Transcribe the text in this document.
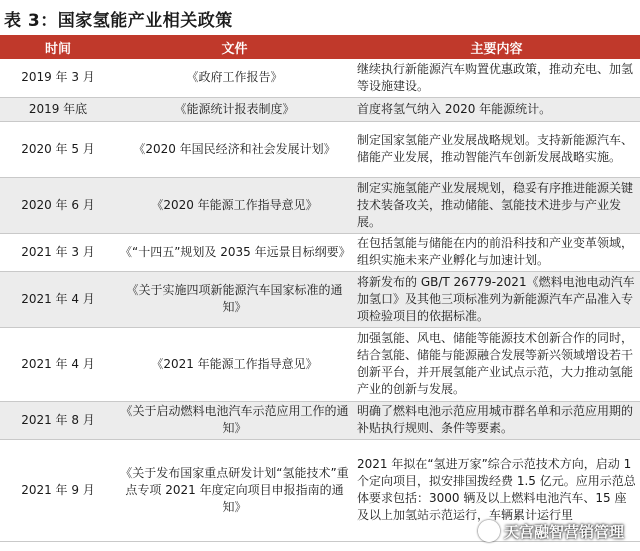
表 3：国家氢能产业相关政策
时间	文件	主要内容
2019 年 3 月	《政府工作报告》	继续执行新能源汽车购置优惠政策，推动充电、加氢等设施建设。
2019 年底	《能源统计报表制度》	首度将氢气纳入 2020 年能源统计。
2020 年 5 月	《2020 年国民经济和社会发展计划》	制定国家氢能产业发展战略规划。支持新能源汽车、储能产业发展，推动智能汽车创新发展战略实施。
2020 年 6 月	《2020 年能源工作指导意见》	制定实施氢能产业发展规划，稳妥有序推进能源关键技术装备攻关，推动储能、氢能技术进步与产业发展。
2021 年 3 月	《“十四五”规划及 2035 年远景目标纲要》	在包括氢能与储能在内的前沿科技和产业变革领域，组织实施未来产业孵化与加速计划。
2021 年 4 月	《关于实施四项新能源汽车国家标准的通知》	将新发布的 GB/T 26779-2021《燃料电池电动汽车加氢口》及其他三项标准列为新能源汽车产品准入专项检验项目的依据标准。
2021 年 4 月	《2021 年能源工作指导意见》	加强氢能、风电、储能等能源技术创新合作的同时，结合氢能、储能与能源融合发展等新兴领域增设若干创新平台，并开展氢能产业试点示范，大力推动氢能产业的创新与发展。
2021 年 8 月	《关于启动燃料电池汽车示范应用工作的通知》	明确了燃料电池示范应用城市群名单和示范应用期的补贴执行规则、条件等要素。
2021 年 9 月	《关于发布国家重点研发计划“氢能技术”重点专项 2021 年度定向项目申报指南的通知》	2021 年拟在“氢进万家”综合示范技术方向，启动 1 个定向项目，拟安排国拨经费 1.5 亿元。应用示范总体要求包括：3000 辆及以上燃料电池汽车、15 座及以上加氢站示范运行，车辆累计运行里
天宫融智营销管理
